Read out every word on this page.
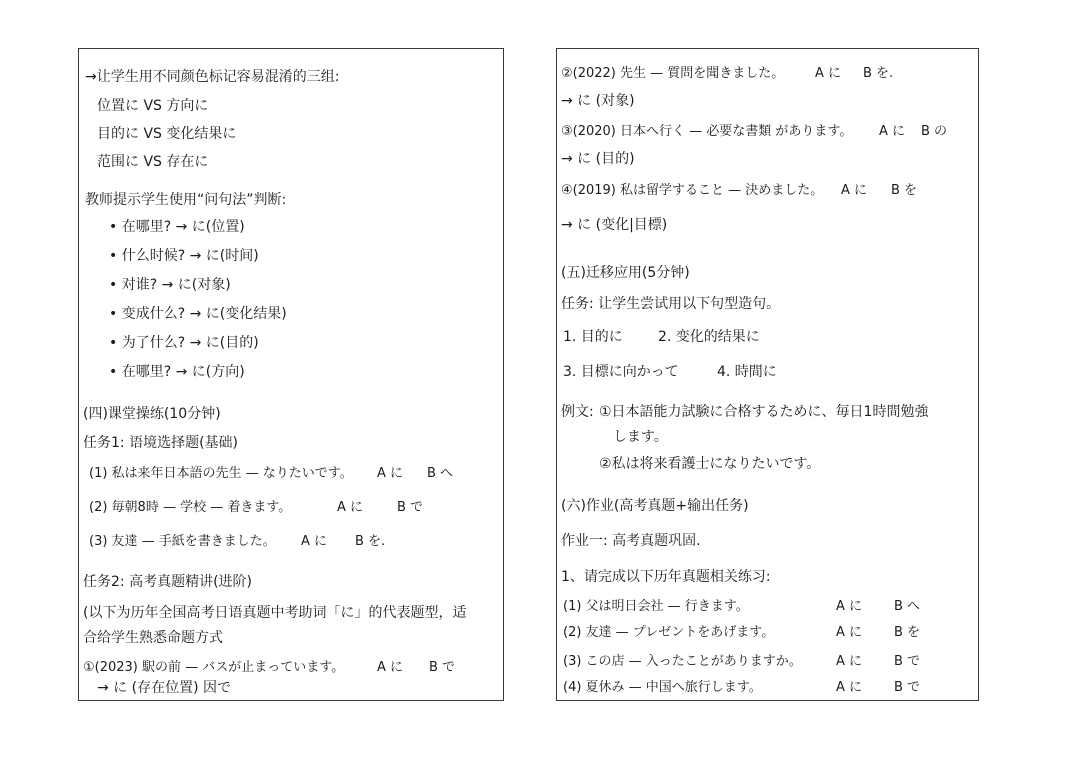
→让学生用不同颜色标记容易混淆的三组:
位置に VS 方向に
目的に VS 变化结果に
范围に VS 存在に
教师提示学生使用“问句法”判断:
• 在哪里? → に(位置)
• 什么时候? → に(时间)
• 对谁? → に(对象)
• 变成什么? → に(变化结果)
• 为了什么? → に(目的)
• 在哪里? → に(方向)
(四)课堂操练(10分钟)
任务1: 语境选择题(基础)
(1) 私は来年日本語の先生 — なりたいです。 A に B へ
(2) 毎朝8時 — 学校 — 着きます。	A に	B で
(3) 友達 — 手紙を書きました。 A に B を.
任务2: 高考真题精讲(进阶)
(以下为历年全国高考日语真题中考助词「に」的代表题型，适
合给学生熟悉命题方式
①(2023) 駅の前 — バスが止まっています。	A に B で
→ に (存在位置) 因で
②(2022) 先生 — 質問を聞きました。 A に B を.
→ に (对象)
③(2020) 日本へ行く — 必要な書類 があります。 A に B の
→ に (目的)
④(2019) 私は留学すること — 決めました。 A に B を
→ に (变化|目標)
(五)迁移应用(5分钟)
任务: 让学生尝试用以下句型造句。
1. 目的に	2. 变化的结果に
3. 目標に向かって	4. 時間に
例文: ①日本語能力試験に合格するために、毎日1時間勉強
します。
②私は将来看護士になりたいです。
(六)作业(高考真题+输出任务)
作业一: 高考真题巩固.
1、请完成以下历年真题相关练习:
(1) 父は明日会社 — 行きます。	A に B へ
(2) 友達 — プレゼントをあげます。	A に B を
(3) この店 — 入ったことがありますか。	A に B で
(4) 夏休み — 中国へ旅行します。	A に B で
